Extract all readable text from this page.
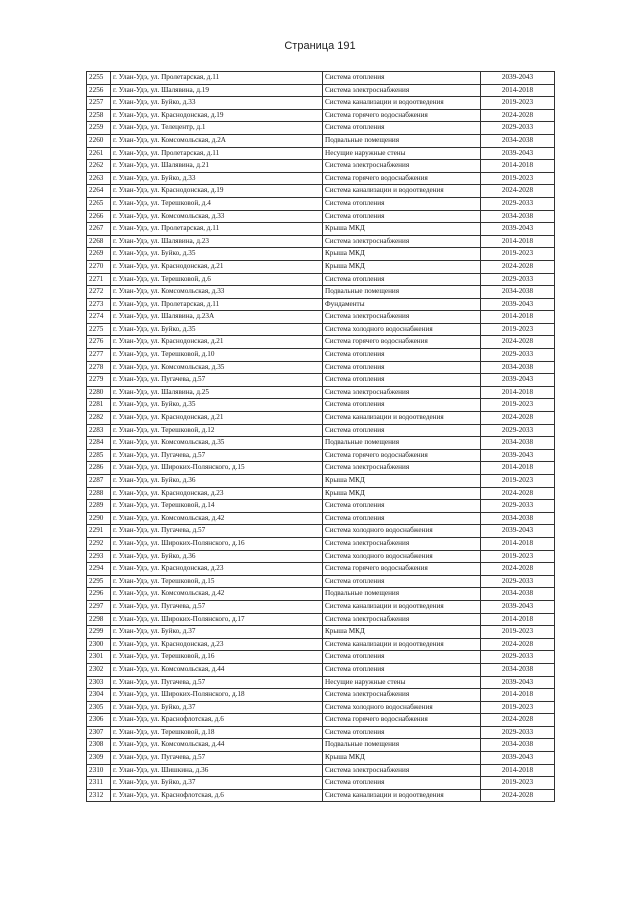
Страница 191
2255	г. Улан-Удэ, ул. Пролетарская, д.11	Система отопления	2039-2043
2256	г. Улан-Удэ, ул. Шалявина, д.19	Система электроснабжения	2014-2018
2257	г. Улан-Удэ, ул. Буйко, д.33	Система канализации и водоотведения	2019-2023
2258	г. Улан-Удэ, ул. Краснодонская, д.19	Система горячего водоснабжения	2024-2028
2259	г. Улан-Удэ, ул. Телецентр, д.1	Система отопления	2029-2033
2260	г. Улан-Удэ, ул. Комсомольская, д.2А	Подвальные помещения	2034-2038
2261	г. Улан-Удэ, ул. Пролетарская, д.11	Несущие наружные стены	2039-2043
2262	г. Улан-Удэ, ул. Шалявина, д.21	Система электроснабжения	2014-2018
2263	г. Улан-Удэ, ул. Буйко, д.33	Система горячего водоснабжения	2019-2023
2264	г. Улан-Удэ, ул. Краснодонская, д.19	Система канализации и водоотведения	2024-2028
2265	г. Улан-Удэ, ул. Терешковой, д.4	Система отопления	2029-2033
2266	г. Улан-Удэ, ул. Комсомольская, д.33	Система отопления	2034-2038
2267	г. Улан-Удэ, ул. Пролетарская, д.11	Крыша МКД	2039-2043
2268	г. Улан-Удэ, ул. Шалявина, д.23	Система электроснабжения	2014-2018
2269	г. Улан-Удэ, ул. Буйко, д.35	Крыша МКД	2019-2023
2270	г. Улан-Удэ, ул. Краснодонская, д.21	Крыша МКД	2024-2028
2271	г. Улан-Удэ, ул. Терешковой, д.6	Система отопления	2029-2033
2272	г. Улан-Удэ, ул. Комсомольская, д.33	Подвальные помещения	2034-2038
2273	г. Улан-Удэ, ул. Пролетарская, д.11	Фундаменты	2039-2043
2274	г. Улан-Удэ, ул. Шалявина, д.23А	Система электроснабжения	2014-2018
2275	г. Улан-Удэ, ул. Буйко, д.35	Система холодного водоснабжения	2019-2023
2276	г. Улан-Удэ, ул. Краснодонская, д.21	Система горячего водоснабжения	2024-2028
2277	г. Улан-Удэ, ул. Терешковой, д.10	Система отопления	2029-2033
2278	г. Улан-Удэ, ул. Комсомольская, д.35	Система отопления	2034-2038
2279	г. Улан-Удэ, ул. Пугачева, д.57	Система отопления	2039-2043
2280	г. Улан-Удэ, ул. Шалявина, д.25	Система электроснабжения	2014-2018
2281	г. Улан-Удэ, ул. Буйко, д.35	Система отопления	2019-2023
2282	г. Улан-Удэ, ул. Краснодонская, д.21	Система канализации и водоотведения	2024-2028
2283	г. Улан-Удэ, ул. Терешковой, д.12	Система отопления	2029-2033
2284	г. Улан-Удэ, ул. Комсомольская, д.35	Подвальные помещения	2034-2038
2285	г. Улан-Удэ, ул. Пугачева, д.57	Система горячего водоснабжения	2039-2043
2286	г. Улан-Удэ, ул. Широких-Полянского, д.15	Система электроснабжения	2014-2018
2287	г. Улан-Удэ, ул. Буйко, д.36	Крыша МКД	2019-2023
2288	г. Улан-Удэ, ул. Краснодонская, д.23	Крыша МКД	2024-2028
2289	г. Улан-Удэ, ул. Терешковой, д.14	Система отопления	2029-2033
2290	г. Улан-Удэ, ул. Комсомольская, д.42	Система отопления	2034-2038
2291	г. Улан-Удэ, ул. Пугачева, д.57	Система холодного водоснабжения	2039-2043
2292	г. Улан-Удэ, ул. Широких-Полянского, д.16	Система электроснабжения	2014-2018
2293	г. Улан-Удэ, ул. Буйко, д.36	Система холодного водоснабжения	2019-2023
2294	г. Улан-Удэ, ул. Краснодонская, д.23	Система горячего водоснабжения	2024-2028
2295	г. Улан-Удэ, ул. Терешковой, д.15	Система отопления	2029-2033
2296	г. Улан-Удэ, ул. Комсомольская, д.42	Подвальные помещения	2034-2038
2297	г. Улан-Удэ, ул. Пугачева, д.57	Система канализации и водоотведения	2039-2043
2298	г. Улан-Удэ, ул. Широких-Полянского, д.17	Система электроснабжения	2014-2018
2299	г. Улан-Удэ, ул. Буйко, д.37	Крыша МКД	2019-2023
2300	г. Улан-Удэ, ул. Краснодонская, д.23	Система канализации и водоотведения	2024-2028
2301	г. Улан-Удэ, ул. Терешковой, д.16	Система отопления	2029-2033
2302	г. Улан-Удэ, ул. Комсомольская, д.44	Система отопления	2034-2038
2303	г. Улан-Удэ, ул. Пугачева, д.57	Несущие наружные стены	2039-2043
2304	г. Улан-Удэ, ул. Широких-Полянского, д.18	Система электроснабжения	2014-2018
2305	г. Улан-Удэ, ул. Буйко, д.37	Система холодного водоснабжения	2019-2023
2306	г. Улан-Удэ, ул. Краснофлотская, д.6	Система горячего водоснабжения	2024-2028
2307	г. Улан-Удэ, ул. Терешковой, д.18	Система отопления	2029-2033
2308	г. Улан-Удэ, ул. Комсомольская, д.44	Подвальные помещения	2034-2038
2309	г. Улан-Удэ, ул. Пугачева, д.57	Крыша МКД	2039-2043
2310	г. Улан-Удэ, ул. Шишкина, д.36	Система электроснабжения	2014-2018
2311	г. Улан-Удэ, ул. Буйко, д.37	Система отопления	2019-2023
2312	г. Улан-Удэ, ул. Краснофлотская, д.6	Система канализации и водоотведения	2024-2028
